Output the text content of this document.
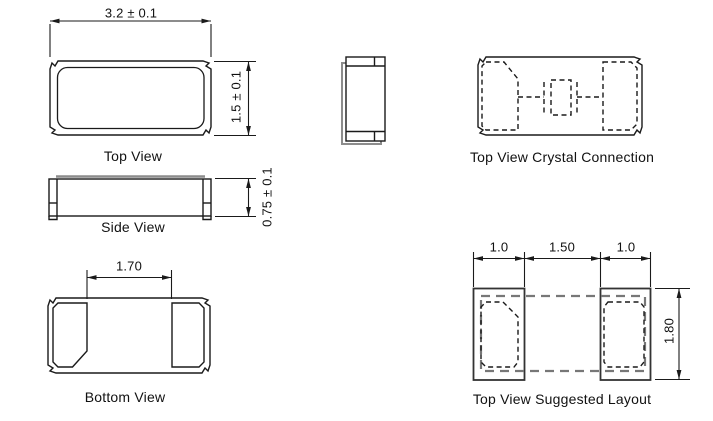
3.2 ± 0.1
1.5 ± 0.1
Top View
0.75 ± 0.1
Side View
1.70
Bottom View
Top View Crystal Connection
1.0	1.50	1.0
1.80
Top View Suggested Layout
